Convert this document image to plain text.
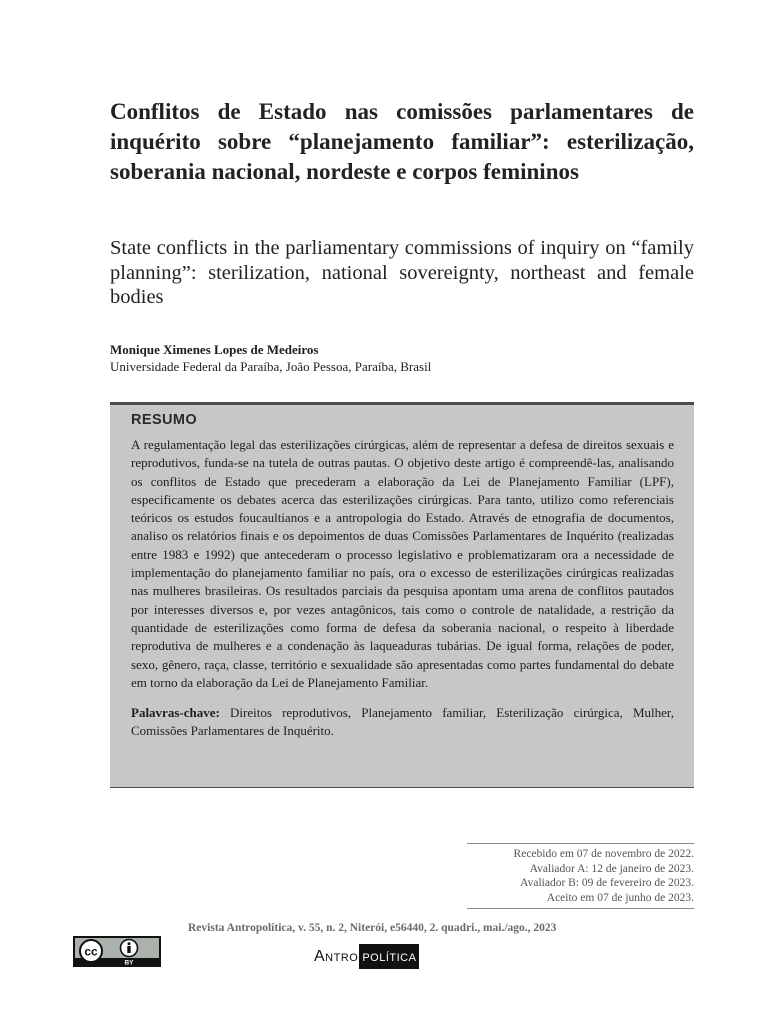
Conflitos de Estado nas comissões parlamentares de inquérito sobre “planejamento familiar”: esterilização, soberania nacional, nordeste e corpos femininos
State conflicts in the parliamentary commissions of inquiry on “family planning”: sterilization, national sovereignty, northeast and female bodies

Monique Ximenes Lopes de Medeiros

Universidade Federal da Paraíba, João Pessoa, Paraíba, Brasil

RESUMO

A regulamentação legal das esterilizações cirúrgicas, além de representar a defesa de direitos sexuais e reprodutivos, funda-se na tutela de outras pautas. O objetivo deste artigo é compreendê-las, analisando os conflitos de Estado que precederam a elaboração da Lei de Planejamento Familiar (LPF), especificamente os debates acerca das esterilizações cirúrgicas. Para tanto, utilizo como referenciais teóricos os estudos foucaultianos e a antropologia do Estado. Através de etnografia de documentos, analiso os relatórios finais e os depoimentos de duas Comissões Parlamentares de Inquérito (realizadas entre 1983 e 1992) que antecederam o processo legislativo e problematizaram ora a necessidade de implementação do planejamento familiar no país, ora o excesso de esterilizações cirúrgicas realizadas nas mulheres brasileiras. Os resultados parciais da pesquisa apontam uma arena de conflitos pautados por interesses diversos e, por vezes antagônicos, tais como o controle de natalidade, a restrição da quantidade de esterilizações como forma de defesa da soberania nacional, o respeito à liberdade reprodutiva de mulheres e a condenação às laqueaduras tubárias. De igual forma, relações de poder, sexo, gênero, raça, classe, território e sexualidade são apresentadas como partes fundamental do debate em torno da elaboração da Lei de Planejamento Familiar.

Palavras-chave: Direitos reprodutivos, Planejamento familiar, Esterilização cirúrgica, Mulher, Comissões Parlamentares de Inquérito.

Recebido em 07 de novembro de 2022.
Avaliador A: 12 de janeiro de 2023.
Avaliador B: 09 de fevereiro de 2023.
Aceito em 07 de junho de 2023.

Revista Antropolítica, v. 55, n. 2, Niterói, e56440, 2. quadri., mai./ago., 2023

cc
BY	Antro política
